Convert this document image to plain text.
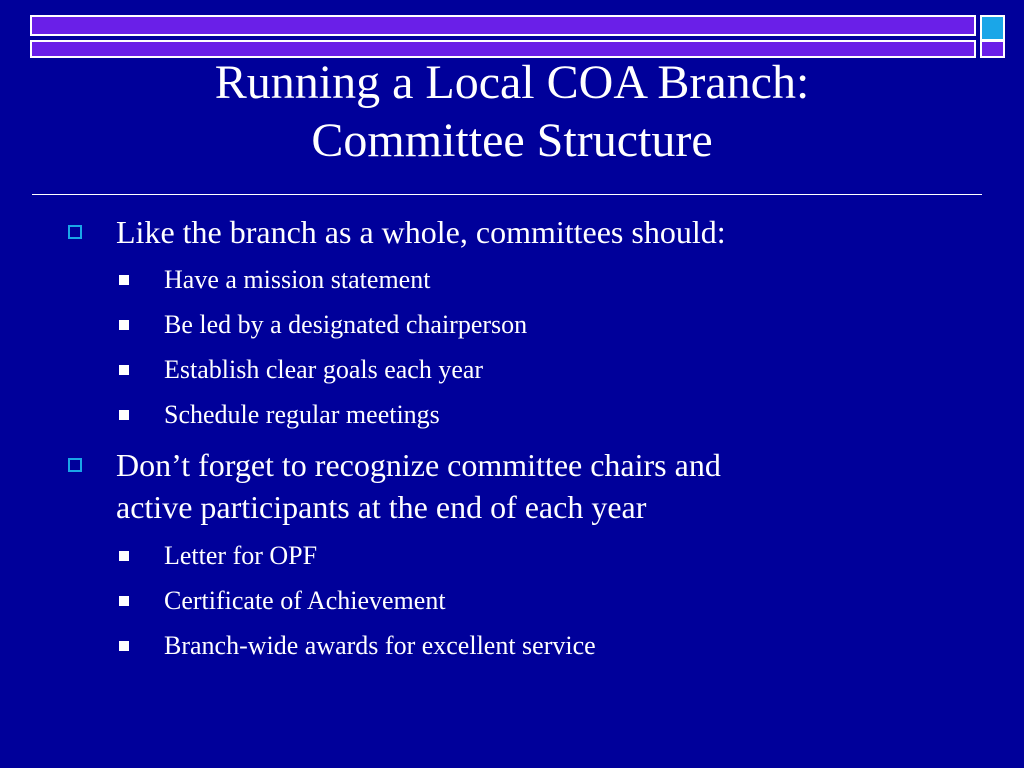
Running a Local COA Branch:
Committee Structure
Like the branch as a whole, committees should:
Have a mission statement
Be led by a designated chairperson
Establish clear goals each year
Schedule regular meetings
Don’t forget to recognize committee chairs and
active participants at the end of each year
Letter for OPF
Certificate of Achievement
Branch-wide awards for excellent service
